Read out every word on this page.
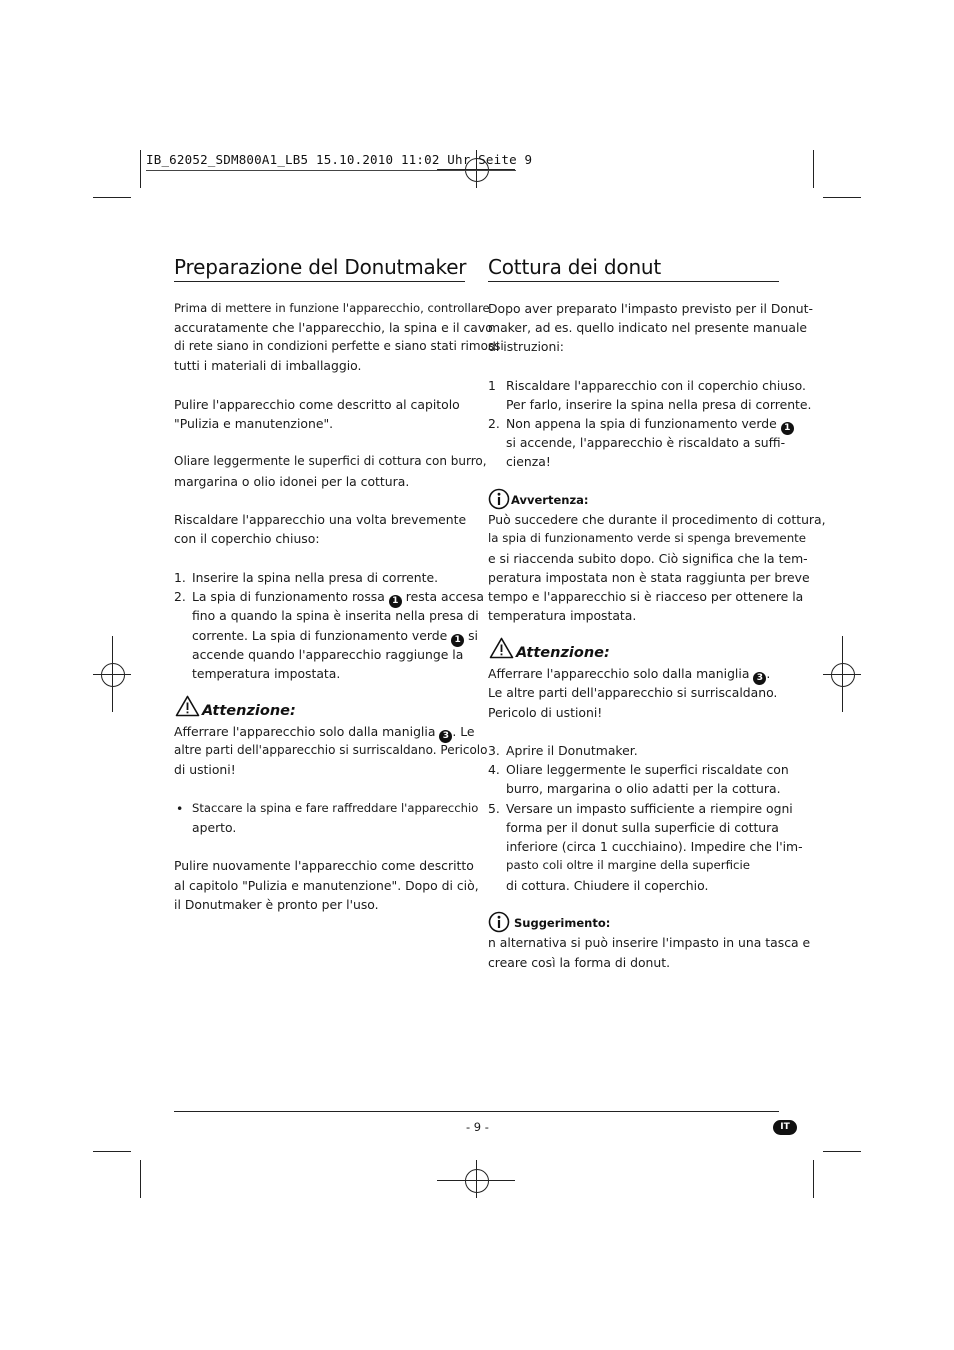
IB_62052_SDM800A1_LB5 15.10.2010 11:02 Uhr Seite 9
Preparazione del Donutmaker
Prima di mettere in funzione l'apparecchio, controllare
accuratamente che l'apparecchio, la spina e il cavo
di rete siano in condizioni perfette e siano stati rimossi
tutti i materiali di imballaggio.
Pulire l'apparecchio come descritto al capitolo
"Pulizia e manutenzione".
Oliare leggermente le superfici di cottura con burro,
margarina o olio idonei per la cottura.
Riscaldare l'apparecchio una volta brevemente
con il coperchio chiuso:
1. Inserire la spina nella presa di corrente.
2. La spia di funzionamento rossa 1 resta accesa
fino a quando la spina è inserita nella presa di
corrente. La spia di funzionamento verde 1 si
accende quando l'apparecchio raggiunge la
temperatura impostata.
Attenzione:
Afferrare l'apparecchio solo dalla maniglia 3 . Le
altre parti dell'apparecchio si surriscaldano. Pericolo
di ustioni!
• Staccare la spina e fare raffreddare l'apparecchio
aperto.
Pulire nuovamente l'apparecchio come descritto
al capitolo "Pulizia e manutenzione". Dopo di ciò,
il Donutmaker è pronto per l'uso.
Cottura dei donut
Dopo aver preparato l'impasto previsto per il Donut-
maker, ad es. quello indicato nel presente manuale
di istruzioni:
1 Riscaldare l'apparecchio con il coperchio chiuso.
Per farlo, inserire la spina nella presa di corrente.
2. Non appena la spia di funzionamento verde 1
si accende, l'apparecchio è riscaldato a suffi-
cienza!
Avvertenza:
Può succedere che durante il procedimento di cottura,
la spia di funzionamento verde si spenga brevemente
e si riaccenda subito dopo. Ciò significa che la tem-
peratura impostata non è stata raggiunta per breve
tempo e l'apparecchio si è riacceso per ottenere la
temperatura impostata.
Attenzione:
Afferrare l'apparecchio solo dalla maniglia 3 .
Le altre parti dell'apparecchio si surriscaldano.
Pericolo di ustioni!
3. Aprire il Donutmaker.
4. Oliare leggermente le superfici riscaldate con
burro, margarina o olio adatti per la cottura.
5. Versare un impasto sufficiente a riempire ogni
forma per il donut sulla superficie di cottura
inferiore (circa 1 cucchiaino). Impedire che l'im-
pasto coli oltre il margine della superficie
di cottura. Chiudere il coperchio.
Suggerimento:
n alternativa si può inserire l'impasto in una tasca e
creare così la forma di donut.
- 9 -	IT
